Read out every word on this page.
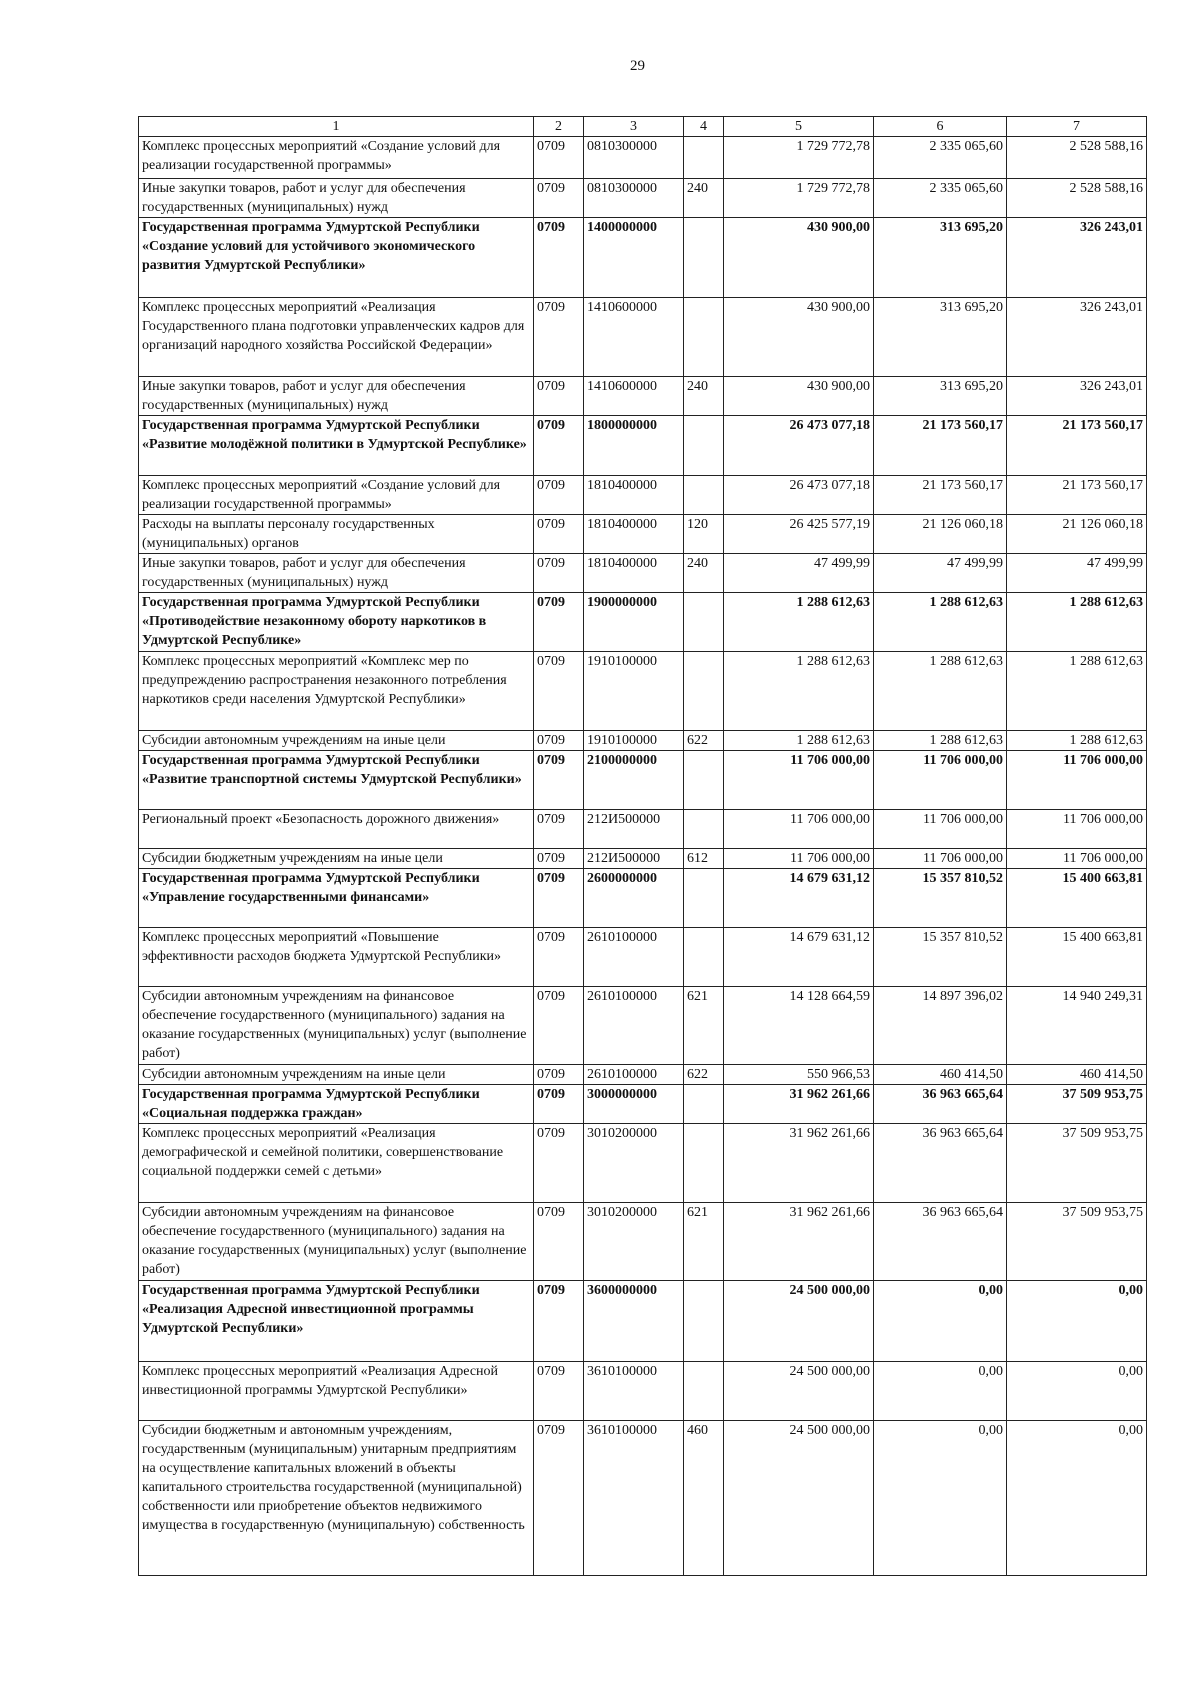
29
1	2	3	4	5	6	7
Комплекс процессных мероприятий «Создание условий для реализации государственной программы»	0709	0810300000		1 729 772,78	2 335 065,60	2 528 588,16
Иные закупки товаров, работ и услуг для обеспечения государственных (муниципальных) нужд	0709	0810300000	240	1 729 772,78	2 335 065,60	2 528 588,16
Государственная программа Удмуртской Республики «Создание условий для устойчивого экономического развития Удмуртской Республики»	0709	1400000000		430 900,00	313 695,20	326 243,01
Комплекс процессных мероприятий «Реализация Государственного плана подготовки управленческих кадров для организаций народного хозяйства Российской Федерации»	0709	1410600000		430 900,00	313 695,20	326 243,01
Иные закупки товаров, работ и услуг для обеспечения государственных (муниципальных) нужд	0709	1410600000	240	430 900,00	313 695,20	326 243,01
Государственная программа Удмуртской Республики «Развитие молодёжной политики в Удмуртской Республике»	0709	1800000000		26 473 077,18	21 173 560,17	21 173 560,17
Комплекс процессных мероприятий «Создание условий для реализации государственной программы»	0709	1810400000		26 473 077,18	21 173 560,17	21 173 560,17
Расходы на выплаты персоналу государственных (муниципальных) органов	0709	1810400000	120	26 425 577,19	21 126 060,18	21 126 060,18
Иные закупки товаров, работ и услуг для обеспечения государственных (муниципальных) нужд	0709	1810400000	240	47 499,99	47 499,99	47 499,99
Государственная программа Удмуртской Республики «Противодействие незаконному обороту наркотиков в Удмуртской Республике»	0709	1900000000		1 288 612,63	1 288 612,63	1 288 612,63
Комплекс процессных мероприятий «Комплекс мер по предупреждению распространения незаконного потребления наркотиков среди населения Удмуртской Республики»	0709	1910100000		1 288 612,63	1 288 612,63	1 288 612,63
Субсидии автономным учреждениям на иные цели	0709	1910100000	622	1 288 612,63	1 288 612,63	1 288 612,63
Государственная программа Удмуртской Республики «Развитие транспортной системы Удмуртской Республики»	0709	2100000000		11 706 000,00	11 706 000,00	11 706 000,00
Региональный проект «Безопасность дорожного движения»	0709	212И500000		11 706 000,00	11 706 000,00	11 706 000,00
Субсидии бюджетным учреждениям на иные цели	0709	212И500000	612	11 706 000,00	11 706 000,00	11 706 000,00
Государственная программа Удмуртской Республики «Управление государственными финансами»	0709	2600000000		14 679 631,12	15 357 810,52	15 400 663,81
Комплекс процессных мероприятий «Повышение эффективности расходов бюджета Удмуртской Республики»	0709	2610100000		14 679 631,12	15 357 810,52	15 400 663,81
Субсидии автономным учреждениям на финансовое обеспечение государственного (муниципального) задания на оказание государственных (муниципальных) услуг (выполнение работ)	0709	2610100000	621	14 128 664,59	14 897 396,02	14 940 249,31
Субсидии автономным учреждениям на иные цели	0709	2610100000	622	550 966,53	460 414,50	460 414,50
Государственная программа Удмуртской Республики «Социальная поддержка граждан»	0709	3000000000		31 962 261,66	36 963 665,64	37 509 953,75
Комплекс процессных мероприятий «Реализация демографической и семейной политики, совершенствование социальной поддержки семей с детьми»	0709	3010200000		31 962 261,66	36 963 665,64	37 509 953,75
Субсидии автономным учреждениям на финансовое обеспечение государственного (муниципального) задания на оказание государственных (муниципальных) услуг (выполнение работ)	0709	3010200000	621	31 962 261,66	36 963 665,64	37 509 953,75
Государственная программа Удмуртской Республики «Реализация Адресной инвестиционной программы Удмуртской Республики»	0709	3600000000		24 500 000,00	0,00	0,00
Комплекс процессных мероприятий «Реализация Адресной инвестиционной программы Удмуртской Республики»	0709	3610100000		24 500 000,00	0,00	0,00
Субсидии бюджетным и автономным учреждениям, государственным (муниципальным) унитарным предприятиям на осуществление капитальных вложений в объекты капитального строительства государственной (муниципальной) собственности или приобретение объектов недвижимого имущества в государственную (муниципальную) собственность	0709	3610100000	460	24 500 000,00	0,00	0,00
